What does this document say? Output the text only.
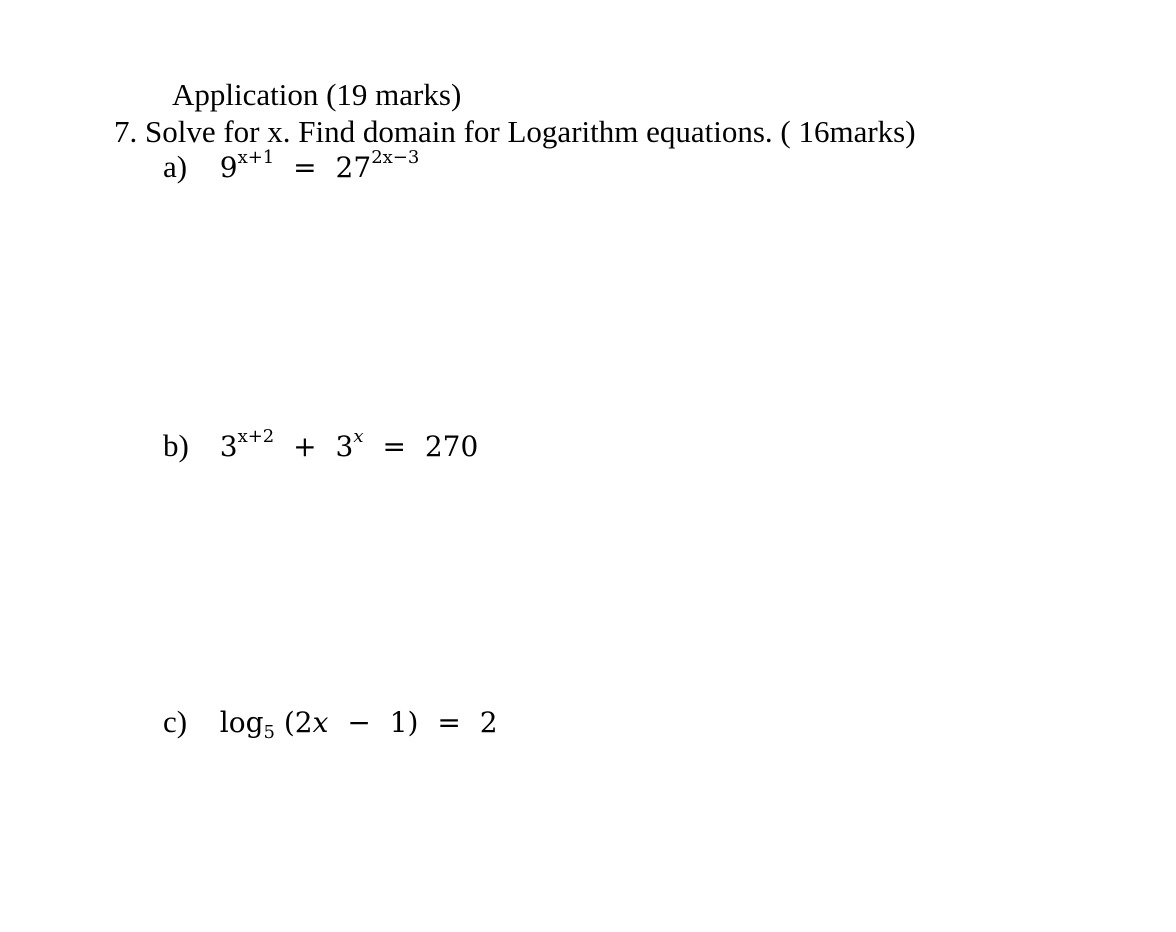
Application (19 marks)
7. Solve for x. Find domain for Logarithm equations. ( 16marks)
a) $9^{x+1} = 27^{2x-3}$
b) $3^{x+2} + 3^x = 270$
c) $\log_5 (2x - 1) = 2$
